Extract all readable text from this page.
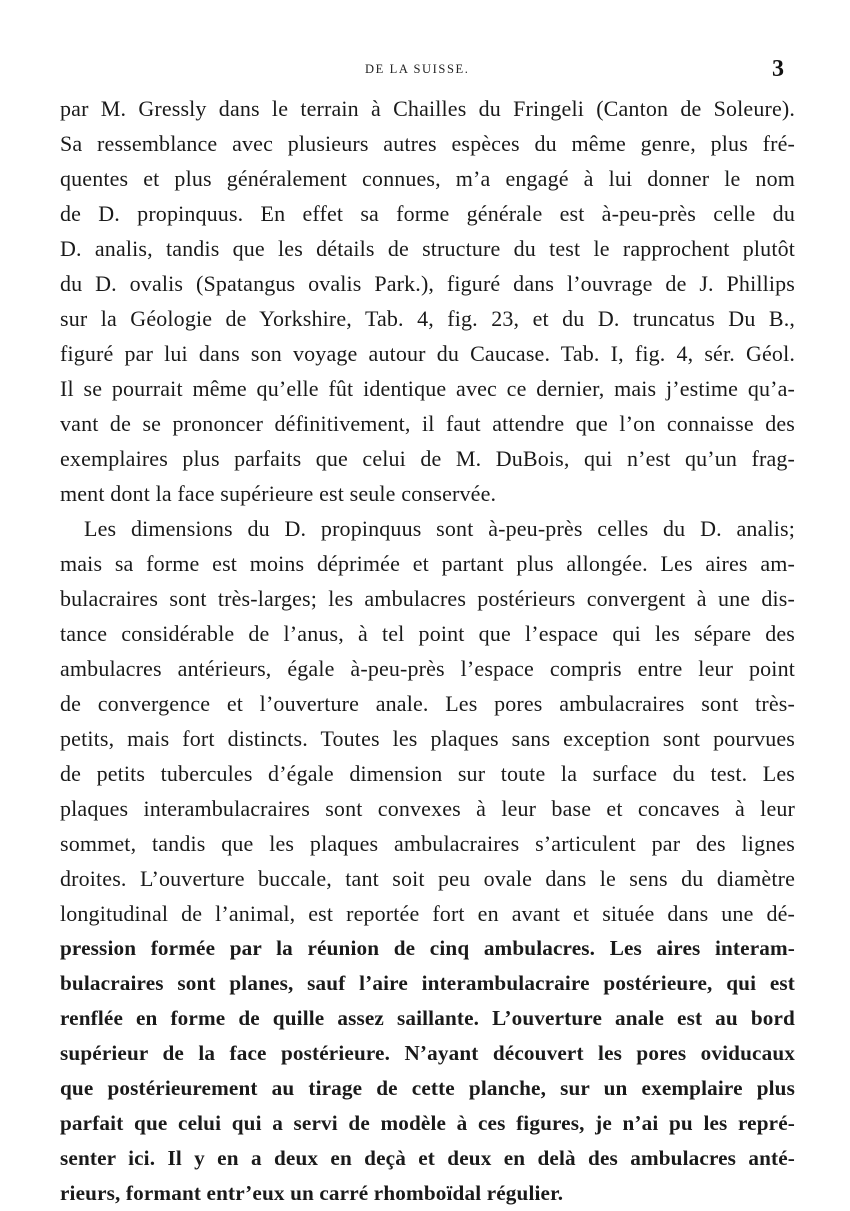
DE LA SUISSE.	3
par M. Gressly dans le terrain à Chailles du Fringeli (Canton de Soleure).
Sa ressemblance avec plusieurs autres espèces du même genre, plus fré-
quentes et plus généralement connues, m’a engagé à lui donner le nom
de D. propinquus. En effet sa forme générale est à-peu-près celle du
D. analis, tandis que les détails de structure du test le rapprochent plutôt
du D. ovalis (Spatangus ovalis Park.), figuré dans l’ouvrage de J. Phillips
sur la Géologie de Yorkshire, Tab. 4, fig. 23, et du D. truncatus Du B.,
figuré par lui dans son voyage autour du Caucase. Tab. I, fig. 4, sér. Géol.
Il se pourrait même qu’elle fût identique avec ce dernier, mais j’estime qu’a-
vant de se prononcer définitivement, il faut attendre que l’on connaisse des
exemplaires plus parfaits que celui de M. DuBois, qui n’est qu’un frag-
ment dont la face supérieure est seule conservée.
Les dimensions du D. propinquus sont à-peu-près celles du D. analis;
mais sa forme est moins déprimée et partant plus allongée. Les aires am-
bulacraires sont très-larges; les ambulacres postérieurs convergent à une dis-
tance considérable de l’anus, à tel point que l’espace qui les sépare des
ambulacres antérieurs, égale à-peu-près l’espace compris entre leur point
de convergence et l’ouverture anale. Les pores ambulacraires sont très-
petits, mais fort distincts. Toutes les plaques sans exception sont pourvues
de petits tubercules d’égale dimension sur toute la surface du test. Les
plaques interambulacraires sont convexes à leur base et concaves à leur
sommet, tandis que les plaques ambulacraires s’articulent par des lignes
droites. L’ouverture buccale, tant soit peu ovale dans le sens du diamètre
longitudinal de l’animal, est reportée fort en avant et située dans une dé-
pression formée par la réunion de cinq ambulacres. Les aires interam-
bulacraires sont planes, sauf l’aire interambulacraire postérieure, qui est
renflée en forme de quille assez saillante. L’ouverture anale est au bord
supérieur de la face postérieure. N’ayant découvert les pores oviducaux
que postérieurement au tirage de cette planche, sur un exemplaire plus
parfait que celui qui a servi de modèle à ces figures, je n’ai pu les repré-
senter ici. Il y en a deux en deçà et deux en delà des ambulacres anté-
rieurs, formant entr’eux un carré rhomboïdal régulier.
